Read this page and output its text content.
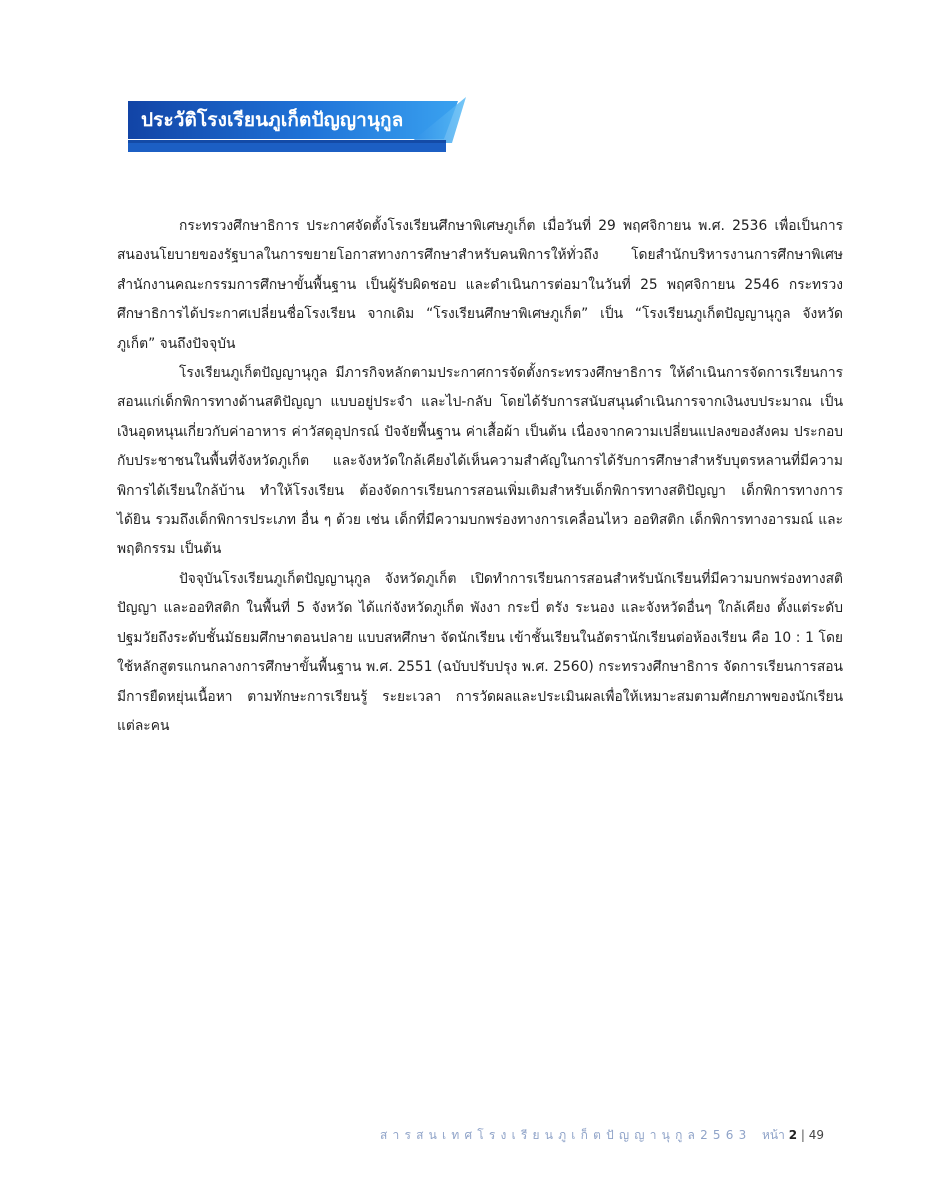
ประวัติโรงเรียนภูเก็ตปัญญานุกูล

กระทรวงศึกษาธิการ ประกาศจัดตั้งโรงเรียนศึกษาพิเศษภูเก็ต เมื่อวันที่ 29 พฤศจิกายน พ.ศ. 2536 เพื่อเป็นการสนองนโยบายของรัฐบาลในการขยายโอกาสทางการศึกษาสำหรับคนพิการให้ทั่วถึง โดยสำนักบริหารงานการศึกษาพิเศษ สำนักงานคณะกรรมการศึกษาขั้นพื้นฐาน เป็นผู้รับผิดชอบ และดำเนินการต่อมาในวันที่ 25 พฤศจิกายน 2546 กระทรวงศึกษาธิการได้ประกาศเปลี่ยนชื่อโรงเรียน จากเดิม “โรงเรียนศึกษาพิเศษภูเก็ต” เป็น “โรงเรียนภูเก็ตปัญญานุกูล จังหวัดภูเก็ต” จนถึงปัจจุบัน

โรงเรียนภูเก็ตปัญญานุกูล มีภารกิจหลักตามประกาศการจัดตั้งกระทรวงศึกษาธิการ ให้ดำเนินการจัดการเรียนการสอนแก่เด็กพิการทางด้านสติปัญญา แบบอยู่ประจำ และไป-กลับ โดยได้รับการสนับสนุนดำเนินการจากเงินงบประมาณ เป็นเงินอุดหนุนเกี่ยวกับค่าอาหาร ค่าวัสดุอุปกรณ์ ปัจจัยพื้นฐาน ค่าเสื้อผ้า เป็นต้น เนื่องจากความเปลี่ยนแปลงของสังคม ประกอบกับประชาชนในพื้นที่จังหวัดภูเก็ต และจังหวัดใกล้เคียงได้เห็นความสำคัญในการได้รับการศึกษาสำหรับบุตรหลานที่มีความพิการได้เรียนใกล้บ้าน ทำให้โรงเรียน ต้องจัดการเรียนการสอนเพิ่มเติมสำหรับเด็กพิการทางสติปัญญา เด็กพิการทางการได้ยิน รวมถึงเด็กพิการประเภท อื่น ๆ ด้วย เช่น เด็กที่มีความบกพร่องทางการเคลื่อนไหว ออทิสติก เด็กพิการทางอารมณ์ และพฤติกรรม เป็นต้น

ปัจจุบันโรงเรียนภูเก็ตปัญญานุกูล จังหวัดภูเก็ต เปิดทำการเรียนการสอนสำหรับนักเรียนที่มีความบกพร่องทางสติปัญญา และออทิสติก ในพื้นที่ 5 จังหวัด ได้แก่จังหวัดภูเก็ต พังงา กระบี่ ตรัง ระนอง และจังหวัดอื่นๆ ใกล้เคียง ตั้งแต่ระดับปฐมวัยถึงระดับชั้นมัธยมศึกษาตอนปลาย แบบสหศึกษา จัดนักเรียน เข้าชั้นเรียนในอัตรานักเรียนต่อห้องเรียน คือ 10 : 1 โดยใช้หลักสูตรแกนกลางการศึกษาขั้นพื้นฐาน พ.ศ. 2551 (ฉบับปรับปรุง พ.ศ. 2560) กระทรวงศึกษาธิการ จัดการเรียนการสอนมีการยืดหยุ่นเนื้อหา ตามทักษะการเรียนรู้ ระยะเวลา การวัดผลและประเมินผลเพื่อให้เหมาะสมตามศักยภาพของนักเรียนแต่ละคน

สารสนเทศโรงเรียนภูเก็ตปัญญานุกูล2563 หน้า 2 | 49
